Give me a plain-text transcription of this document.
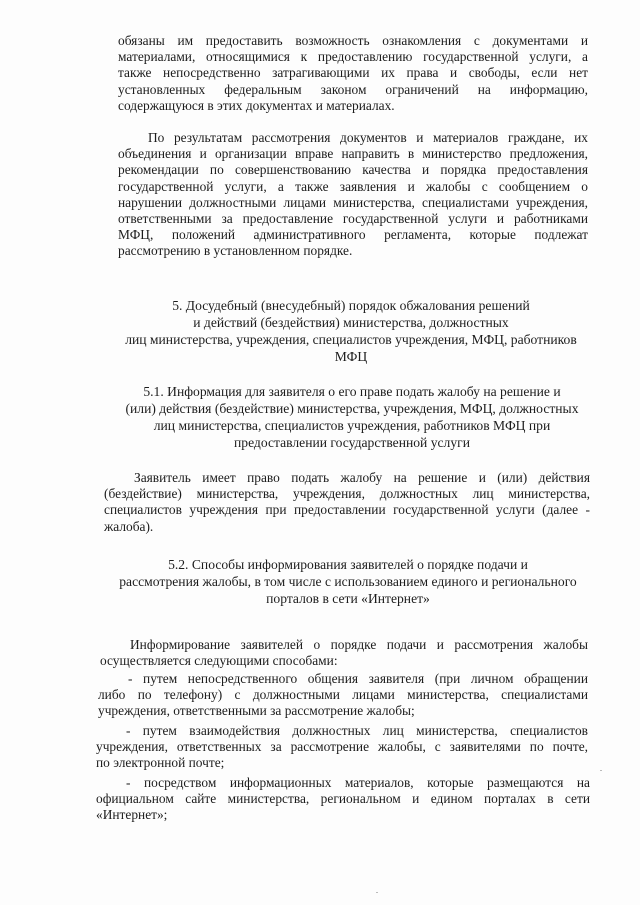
обязаны им предоставить возможность ознакомления с документами и
материалами, относящимися к предоставлению государственной услуги, а
также непосредственно затрагивающими их права и свободы, если нет
установленных федеральным законом ограничений на информацию,
содержащуюся в этих документах и материалах.
По результатам рассмотрения документов и материалов граждане, их
объединения и организации вправе направить в министерство предложения,
рекомендации по совершенствованию качества и порядка предоставления
государственной услуги, а также заявления и жалобы с сообщением о
нарушении должностными лицами министерства, специалистами учреждения,
ответственными за предоставление государственной услуги и работниками
МФЦ, положений административного регламента, которые подлежат
рассмотрению в установленном порядке.
5. Досудебный (внесудебный) порядок обжалования решений
и действий (бездействия) министерства, должностных
лиц министерства, учреждения, специалистов учреждения, МФЦ, работников
МФЦ
5.1. Информация для заявителя о его праве подать жалобу на решение и
(или) действия (бездействие) министерства, учреждения, МФЦ, должностных
лиц министерства, специалистов учреждения, работников МФЦ при
предоставлении государственной услуги
Заявитель имеет право подать жалобу на решение и (или) действия
(бездействие) министерства, учреждения, должностных лиц министерства,
специалистов учреждения при предоставлении государственной услуги (далее -
жалоба).
5.2. Способы информирования заявителей о порядке подачи и
рассмотрения жалобы, в том числе с использованием единого и регионального
порталов в сети «Интернет»
Информирование заявителей о порядке подачи и рассмотрения жалобы
осуществляется следующими способами:
- путем непосредственного общения заявителя (при личном обращении
либо по телефону) с должностными лицами министерства, специалистами
учреждения, ответственными за рассмотрение жалобы;
- путем взаимодействия должностных лиц министерства, специалистов
учреждения, ответственных за рассмотрение жалобы, с заявителями по почте,
по электронной почте;
- посредством информационных материалов, которые размещаются на
официальном сайте министерства, региональном и едином порталах в сети
«Интернет»;
